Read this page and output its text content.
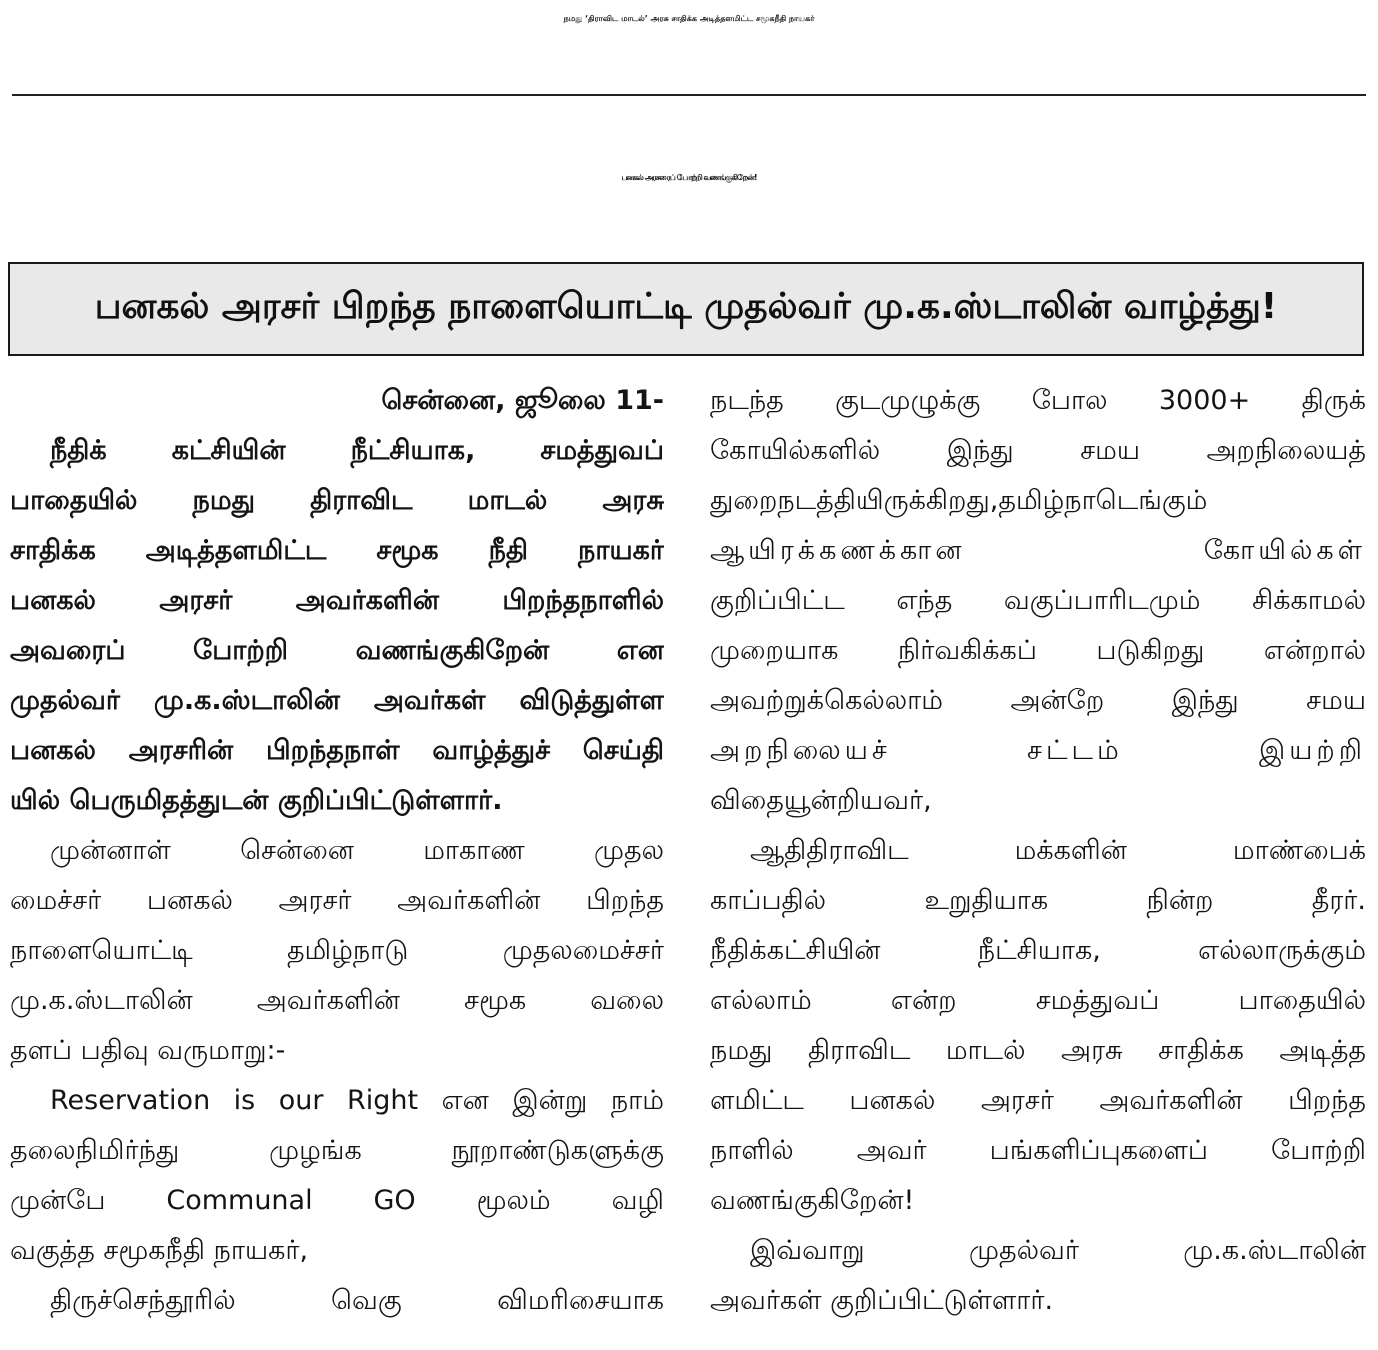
நமது ‘திராவிட மாடல்’ அரசு சாதிக்க அடித்தளமிட்ட சமூகநீதி நாயகர்
பனகல் அரசரைப் போற்றி வணங்குகிறேன்!
பனகல் அரசர் பிறந்த நாளையொட்டி முதல்வர் மு.க.ஸ்டாலின் வாழ்த்து!
சென்னை, ஜூலை 11-
நீதிக் கட்சியின் நீட்சியாக, சமத்துவப்
பாதையில் நமது திராவிட மாடல் அரசு
சாதிக்க அடித்தளமிட்ட சமூக நீதி நாயகர்
பனகல் அரசர் அவர்களின் பிறந்தநாளில்
அவரைப் போற்றி வணங்குகிறேன் என
முதல்வர் மு.க.ஸ்டாலின் அவர்கள் விடுத்துள்ள
பனகல் அரசரின் பிறந்தநாள் வாழ்த்துச் செய்தி
யில் பெருமிதத்துடன் குறிப்பிட்டுள்ளார்.
முன்னாள் சென்னை மாகாண முதல
மைச்சர் பனகல் அரசர் அவர்களின் பிறந்த
நாளையொட்டி தமிழ்நாடு முதலமைச்சர்
மு.க.ஸ்டாலின் அவர்களின் சமூக வலை
தளப் பதிவு வருமாறு:-
Reservation is our Right என இன்று நாம்
தலைநிமிர்ந்து முழங்க நூறாண்டுகளுக்கு
முன்பே Communal GO மூலம் வழி
வகுத்த சமூகநீதி நாயகர்,
திருச்செந்தூரில் வெகு விமரிசையாக
நடந்த குடமுழுக்கு போல 3000+ திருக்
கோயில்களில் இந்து சமய அறநிலையத்
துறைநடத்தியிருக்கிறது,தமிழ்நாடெங்கும்
ஆயிரக்கணக்கான கோயில்கள்
குறிப்பிட்ட எந்த வகுப்பாரிடமும் சிக்காமல்
முறையாக நிர்வகிக்கப் படுகிறது என்றால்
அவற்றுக்கெல்லாம் அன்றே இந்து சமய
அறநிலையச் சட்டம் இயற்றி
விதையூன்றியவர்,
ஆதிதிராவிட மக்களின் மாண்பைக்
காப்பதில் உறுதியாக நின்ற தீரர்.
நீதிக்கட்சியின் நீட்சியாக, எல்லாருக்கும்
எல்லாம் என்ற சமத்துவப் பாதையில்
நமது திராவிட மாடல் அரசு சாதிக்க அடித்த
ளமிட்ட பனகல் அரசர் அவர்களின் பிறந்த
நாளில் அவர் பங்களிப்புகளைப் போற்றி
வணங்குகிறேன்!
இவ்வாறு முதல்வர் மு.க.ஸ்டாலின்
அவர்கள் குறிப்பிட்டுள்ளார்.
